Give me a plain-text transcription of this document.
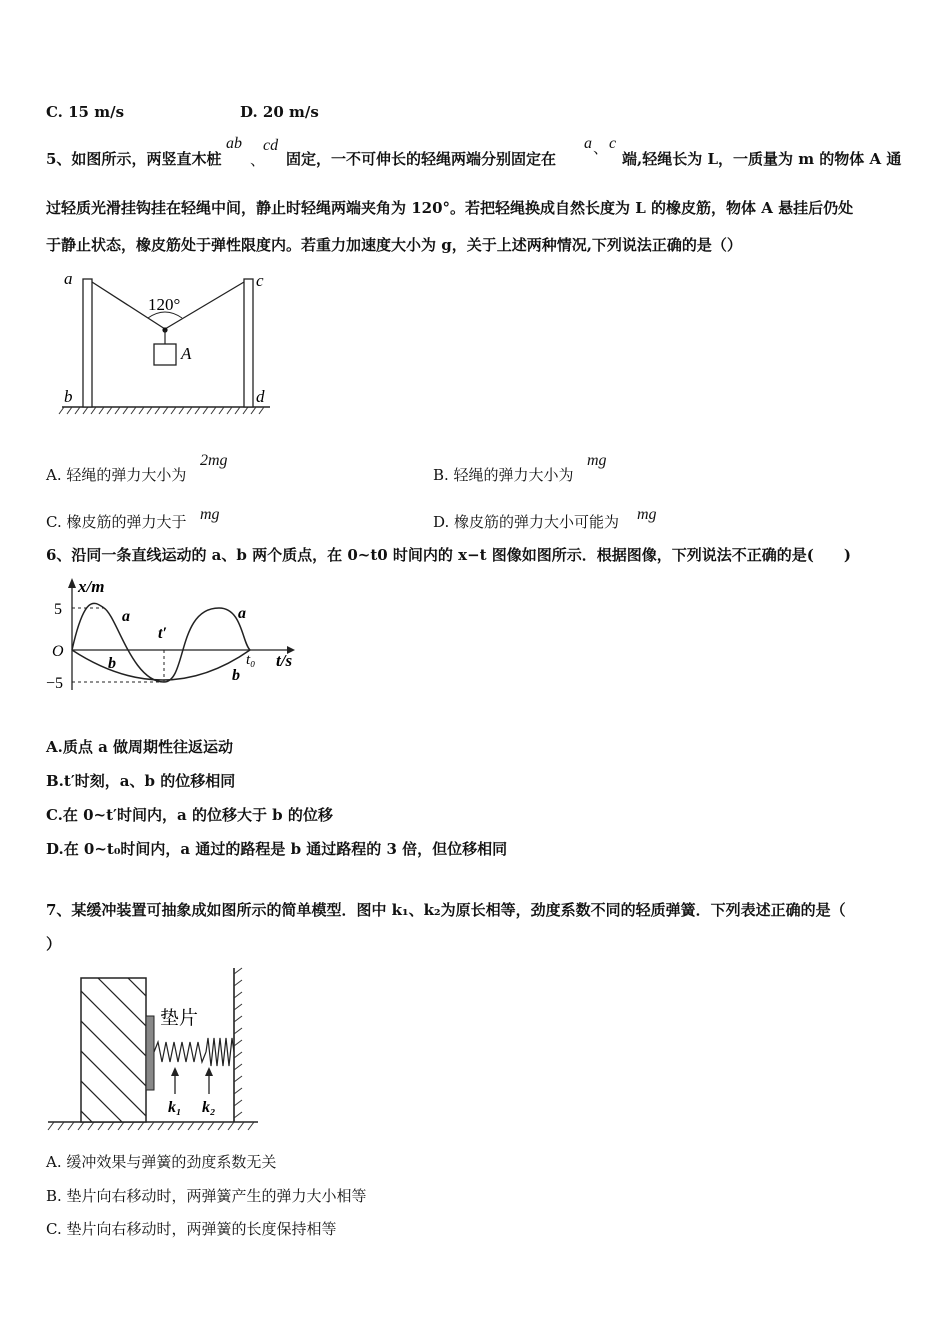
C. 15 m/s	D. 20 m/s
5、如图所示，两竖直木桩
ab
、
cd
固定，一不可伸长的轻绳两端分别固定在
a 、 c
端,轻绳长为 L，一质量为 m 的物体 A 通
过轻质光滑挂钩挂在轻绳中间，静止时轻绳两端夹角为 120°。若把轻绳换成自然长度为 L 的橡皮筋，物体 A 悬挂后仍处
于静止状态，橡皮筋处于弹性限度内。若重力加速度大小为 g，关于上述两种情况,下列说法正确的是（）
a
b
c
d
120°
A
A. 轻绳的弹力大小为
2mg
B. 轻绳的弹力大小为
mg
C. 橡皮筋的弹力大于 mg	D. 橡皮筋的弹力大小可能为 mg
6、沿同一条直线运动的 a、b 两个质点，在 0~t0 时间内的 x−t 图像如图所示．根据图像，下列说法不正确的是(　　)
x/m
t/s
O
5
−5
t′
t₀
a	a
b
b
A.质点 a 做周期性往返运动
B.t′时刻，a、b 的位移相同
C.在 0~t′时间内，a 的位移大于 b 的位移
D.在 0~t₀时间内，a 通过的路程是 b 通过路程的 3 倍，但位移相同
7、某缓冲装置可抽象成如图所示的简单模型．图中 k₁、k₂为原长相等，劲度系数不同的轻质弹簧．下列表述正确的是（
）
垫片
k₁ k₂
A. 缓冲效果与弹簧的劲度系数无关
B. 垫片向右移动时，两弹簧产生的弹力大小相等
C. 垫片向右移动时，两弹簧的长度保持相等
